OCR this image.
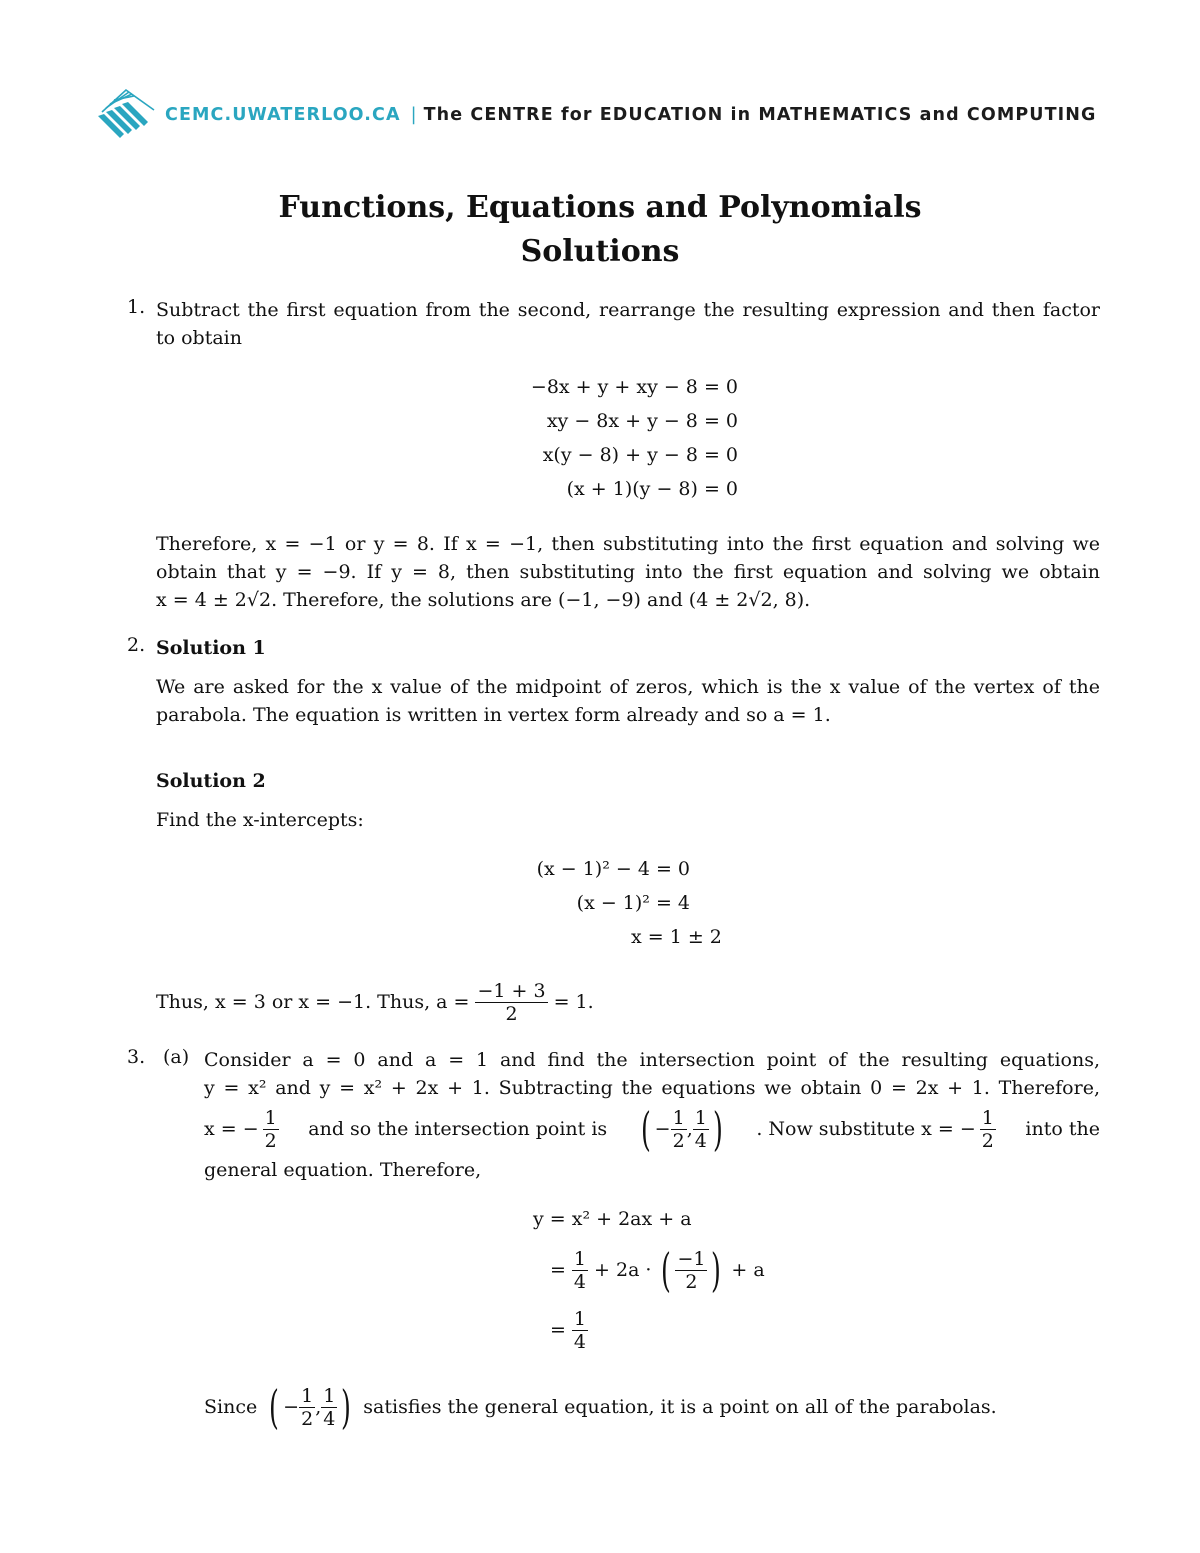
CEMC.UWATERLOO.CA | The CENTRE for EDUCATION in MATHEMATICS and COMPUTING
Functions, Equations and Polynomials
Solutions
1. Subtract the first equation from the second, rearrange the resulting expression and then factor
to obtain
−8x + y + xy − 8 = 0
xy − 8x + y − 8 = 0
x(y − 8) + y − 8 = 0
(x + 1)(y − 8) = 0
Therefore, x = −1 or y = 8. If x = −1, then substituting into the first equation and solving we
obtain that y = −9. If y = 8, then substituting into the first equation and solving we obtain
x = 4 ± 2√2. Therefore, the solutions are (−1, −9) and (4 ± 2√2, 8).
2. Solution 1
We are asked for the x value of the midpoint of zeros, which is the x value of the vertex of the
parabola. The equation is written in vertex form already and so a = 1.
Solution 2
Find the x-intercepts:
(x − 1)² − 4 = 0
(x − 1)² = 4
x = 1 ± 2
Thus, x = 3 or x = −1. Thus, $a = \frac{-1 + 3}{2} = 1$.
3. (a) Consider a = 0 and a = 1 and find the intersection point of the resulting equations,
y = x² and y = x² + 2x + 1. Subtracting the equations we obtain 0 = 2x + 1. Therefore,
x = − $\frac{1}{2}$ and so the intersection point is ( − $\frac{1}{2}$ , $\frac{1}{4}$ ) . Now substitute x = − $\frac{1}{2}$ into the
general equation. Therefore,
y = x² + 2ax + a
= $\frac{1}{4} + 2a$ · ( $\frac{-1}{2}$ ) + a
= $\frac{1}{4}$
Since ( − $\frac{1}{2}$ , $\frac{1}{4}$ ) satisfies the general equation, it is a point on all of the parabolas.
